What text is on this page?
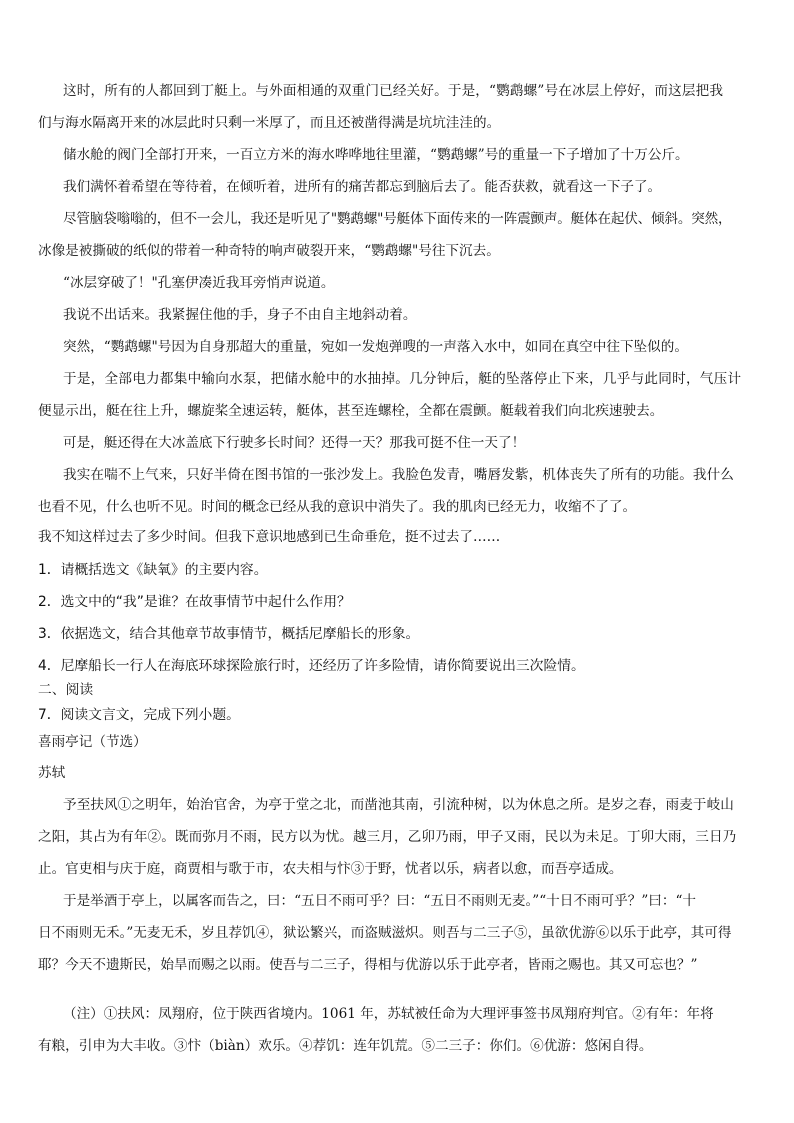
这时，所有的人都回到丁艇上。与外面相通的双重门已经关好。于是，“鹦鹉螺”号在冰层上停好，而这层把我
们与海水隔离开来的冰层此时只剩一米厚了，而且还被凿得满是坑坑洼洼的。
储水舱的阀门全部打开来，一百立方米的海水哗哗地往里灌，“鹦鹉螺”号的重量一下子增加了十万公斤。
我们满怀着希望在等待着，在倾听着，进所有的痛苦都忘到脑后去了。能否获救，就看这一下子了。
尽管脑袋嗡嗡的，但不一会儿，我还是听见了"鹦鹉螺"号艇体下面传来的一阵震颤声。艇体在起伏、倾斜。突然，
冰像是被撕破的纸似的带着一种奇特的响声破裂开来，“鹦鹉螺"号往下沉去。
“冰层穿破了！"孔塞伊凑近我耳旁悄声说道。
我说不出话来。我紧握住他的手，身子不由自主地斜动着。
突然，“鹦鹉螺"号因为自身那超大的重量，宛如一发炮弹嗖的一声落入水中，如同在真空中往下坠似的。
于是，全部电力都集中输向水泵，把储水舱中的水抽掉。几分钟后，艇的坠落停止下来，几乎与此同时，气压计
便显示出，艇在往上升，螺旋桨全速运转，艇体，甚至连螺栓，全都在震颤。艇载着我们向北疾速驶去。
可是，艇还得在大冰盖底下行驶多长时间？还得一天？那我可挺不住一天了！
我实在喘不上气来，只好半倚在图书馆的一张沙发上。我脸色发青，嘴唇发紫，机体丧失了所有的功能。我什么
也看不见，什么也听不见。时间的概念已经从我的意识中消失了。我的肌肉已经无力，收缩不了了。
我不知这样过去了多少时间。但我下意识地感到已生命垂危，挺不过去了……
1．请概括选文《缺氧》的主要内容。
2．选文中的“我”是谁？在故事情节中起什么作用？
3．依据选文，结合其他章节故事情节，概括尼摩船长的形象。
4．尼摩船长一行人在海底环球探险旅行时，还经历了许多险情，请你简要说出三次险情。
二、阅读
7．阅读文言文，完成下列小题。
喜雨亭记（节选）
苏轼
予至扶风①之明年，始治官舍，为亭于堂之北，而凿池其南，引流种树，以为休息之所。是岁之春，雨麦于岐山
之阳，其占为有年②。既而弥月不雨，民方以为忧。越三月，乙卯乃雨，甲子又雨，民以为未足。丁卯大雨，三日乃
止。官吏相与庆于庭，商贾相与歌于市，农夫相与忭③于野，忧者以乐，病者以愈，而吾亭适成。
于是举酒于亭上，以属客而告之，曰：“五日不雨可乎？曰：“五日不雨则无麦。”“十日不雨可乎？”曰：“十
日不雨则无禾。”无麦无禾，岁且荐饥④，狱讼繁兴，而盗贼滋炽。则吾与二三子⑤，虽欲优游⑥以乐于此亭，其可得
耶？今天不遗斯民，始旱而赐之以雨。使吾与二三子，得相与优游以乐于此亭者，皆雨之赐也。其又可忘也？”
（注）①扶风：凤翔府，位于陕西省境内。1061 年，苏轼被任命为大理评事签书凤翔府判官。②有年：年将
有粮，引申为大丰收。③忭（biàn）欢乐。④荐饥：连年饥荒。⑤二三子：你们。⑥优游：悠闲自得。
